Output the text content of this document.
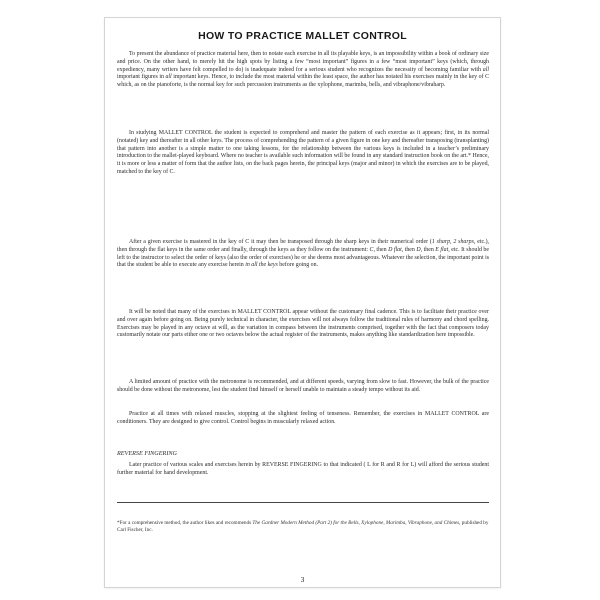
HOW TO PRACTICE MALLET CONTROL

To present the abundance of practice material here, then to notate each exercise in all its playable keys, is an impossibility within a book of ordinary size and price. On the other hand, to merely hit the high spots by listing a few “most important” figures in a few “most important” keys (which, through expediency, many writers have felt compelled to do) is inadequate indeed for a serious student who recognizes the necessity of becoming familiar with all important figures in all important keys. Hence, to include the most material within the least space, the author has notated his exercises mainly in the key of C which, as on the pianoforte, is the normal key for such percussion instruments as the xylophone, marimba, bells, and vibraphone/vibraharp.

In studying MALLET CONTROL the student is expected to comprehend and master the pattern of each exercise as it appears; first, in its normal (notated) key and thereafter in all other keys. The process of comprehending the pattern of a given figure in one key and thereafter transposing (transplanting) that pattern into another is a simple matter to one taking lessons, for the relationship between the various keys is included in a teacher’s preliminary introduction to the mallet-played keyboard. Where no teacher is available such information will be found in any standard instruction book on the art.* Hence, it is more or less a matter of form that the author lists, on the back pages herein, the principal keys (major and minor) in which the exercises are to be played, matched to the key of C.

After a given exercise is mastered in the key of C it may then be transposed through the sharp keys in their numerical order (1 sharp, 2 sharps, etc.), then through the flat keys in the same order and finally, through the keys as they follow on the instrument: C, then D flat, then D, then E flat, etc. It should be left to the instructor to select the order of keys (also the order of exercises) he or she deems most advantageous. Whatever the selection, the important point is that the student be able to execute any exercise herein in all the keys before going on.

It will be noted that many of the exercises in MALLET CONTROL appear without the customary final cadence. This is to facilitate their practice over and over again before going on. Being purely technical in character, the exercises will not always follow the traditional rules of harmony and chord spelling. Exercises may be played in any octave at will, as the variation in compass between the instruments comprised, together with the fact that composers today customarily notate our parts either one or two octaves below the actual register of the instruments, makes anything like standardization here impossible.

A limited amount of practice with the metronome is recommended, and at different speeds, varying from slow to fast. However, the bulk of the practice should be done without the metronome, lest the student find himself or herself unable to maintain a steady tempo without its aid.

Practice at all times with relaxed muscles, stopping at the slightest feeling of tenseness. Remember, the exercises in MALLET CONTROL are conditioners. They are designed to give control. Control begins in muscularly relaxed action.

REVERSE FINGERING

Later practice of various scales and exercises herein by REVERSE FINGERING to that indicated ( L for R and R for L) will afford the serious student further material for hand development.

*For a comprehensive method, the author likes and recommends The Gardner Modern Method (Part 2) for the Bells, Xylophone, Marimba, Vibraphone, and Chimes, published by Carl Fischer, Inc.

3
